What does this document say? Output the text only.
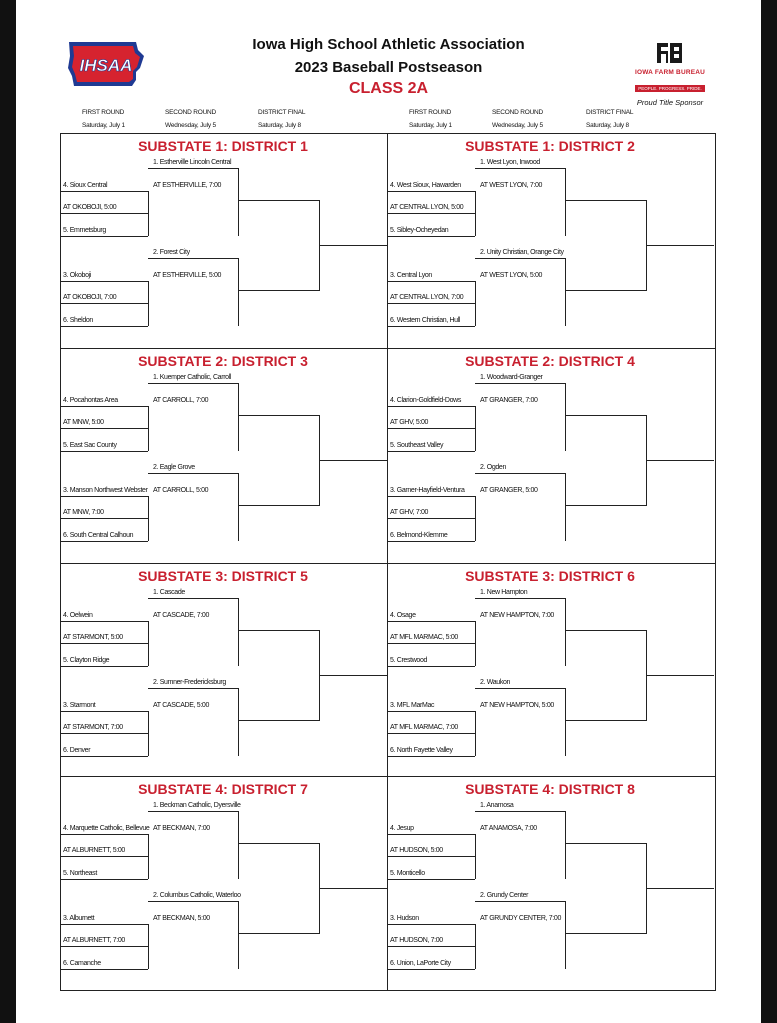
Iowa High School Athletic Association
2023 Baseball Postseason
CLASS 2A
IHSAA	IOWA FARM BUREAU
PEOPLE. PROGRESS. PRIDE.
Proud Title Sponsor
FIRST ROUND
Saturday, July 1
SECOND ROUND
Wednesday, July 5
DISTRICT FINAL
Saturday, July 8
FIRST ROUND
Saturday, July 1
SECOND ROUND
Wednesday, July 5
DISTRICT FINAL
Saturday, July 8
SUBSTATE 1: DISTRICT 1
1. Estherville Lincoln Central
AT ESTHERVILLE, 7:00
4. Sioux Central
AT OKOBOJI, 5:00
5. Emmetsburg
2. Forest City
AT ESTHERVILLE, 5:00
3. Okoboji
AT OKOBOJI, 7:00
6. Sheldon
SUBSTATE 1: DISTRICT 2
1. West Lyon, Inwood
AT WEST LYON, 7:00
4. West Sioux, Hawarden
AT CENTRAL LYON, 5:00
5. Sibley-Ocheyedan
2. Unity Christian, Orange City
AT WEST LYON, 5:00
3. Central Lyon
AT CENTRAL LYON, 7:00
6. Western Christian, Hull
SUBSTATE 2: DISTRICT 3
1. Kuemper Catholic, Carroll
AT CARROLL, 7:00
4. Pocahontas Area
AT MNW, 5:00
5. East Sac County
2. Eagle Grove
AT CARROLL, 5:00
3. Manson Northwest Webster
AT MNW, 7:00
6. South Central Calhoun
SUBSTATE 2: DISTRICT 4
1. Woodward-Granger
AT GRANGER, 7:00
4. Clarion-Goldfield-Dows
AT GHV, 5:00
5. Southeast Valley
2. Ogden
AT GRANGER, 5:00
3. Garner-Hayfield-Ventura
AT GHV, 7:00
6. Belmond-Klemme
SUBSTATE 3: DISTRICT 5
1. Cascade
AT CASCADE, 7:00
4. Oelwein
AT STARMONT, 5:00
5. Clayton Ridge
2. Sumner-Fredericksburg
AT CASCADE, 5:00
3. Starmont
AT STARMONT, 7:00
6. Denver
SUBSTATE 3: DISTRICT 6
1. New Hampton
AT NEW HAMPTON, 7:00
4. Osage
AT MFL MARMAC, 5:00
5. Crestwood
2. Waukon
AT NEW HAMPTON, 5:00
3. MFL MarMac
AT MFL MARMAC, 7:00
6. North Fayette Valley
SUBSTATE 4: DISTRICT 7
1. Beckman Catholic, Dyersville
AT BECKMAN, 7:00
4. Marquette Catholic, Bellevue
AT ALBURNETT, 5:00
5. Northeast
2. Columbus Catholic, Waterloo
AT BECKMAN, 5:00
3. Alburnett
AT ALBURNETT, 7:00
6. Camanche
SUBSTATE 4: DISTRICT 8
1. Anamosa
AT ANAMOSA, 7:00
4. Jesup
AT HUDSON, 5:00
5. Monticello
2. Grundy Center
AT GRUNDY CENTER, 7:00
3. Hudson
AT HUDSON, 7:00
6. Union, LaPorte City
